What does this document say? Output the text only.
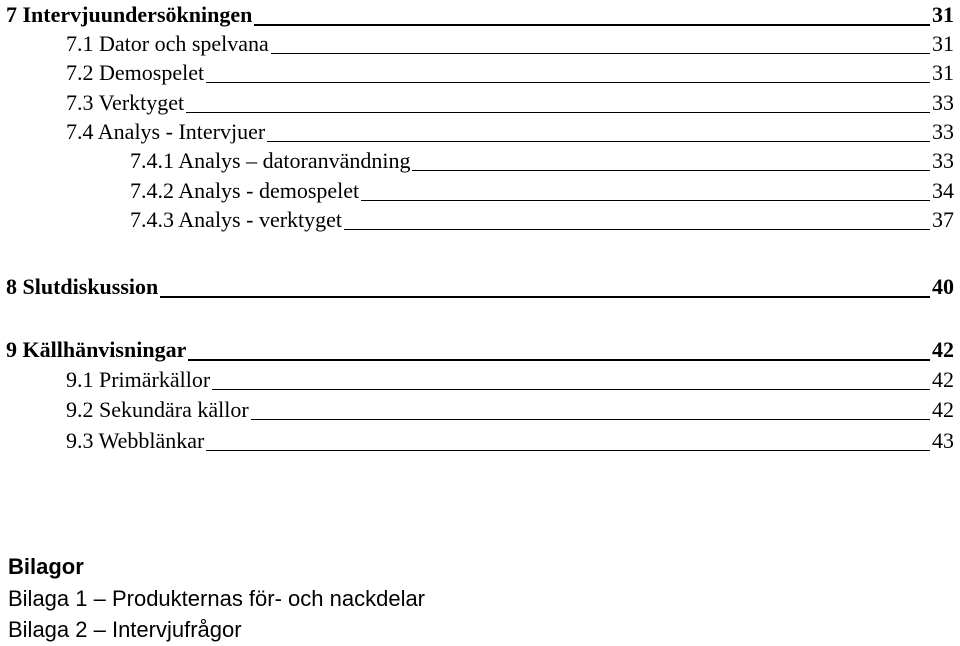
7 Intervjuundersökningen	31
7.1 Dator och spelvana	31
7.2 Demospelet	31
7.3 Verktyget	33
7.4 Analys - Intervjuer	33
7.4.1 Analys – datoranvändning	33
7.4.2 Analys - demospelet	34
7.4.3 Analys - verktyget	37
8 Slutdiskussion	40
9 Källhänvisningar	42
9.1 Primärkällor	42
9.2 Sekundära källor	42
9.3 Webblänkar	43
Bilagor
Bilaga 1 – Produkternas för- och nackdelar
Bilaga 2 – Intervjufrågor
